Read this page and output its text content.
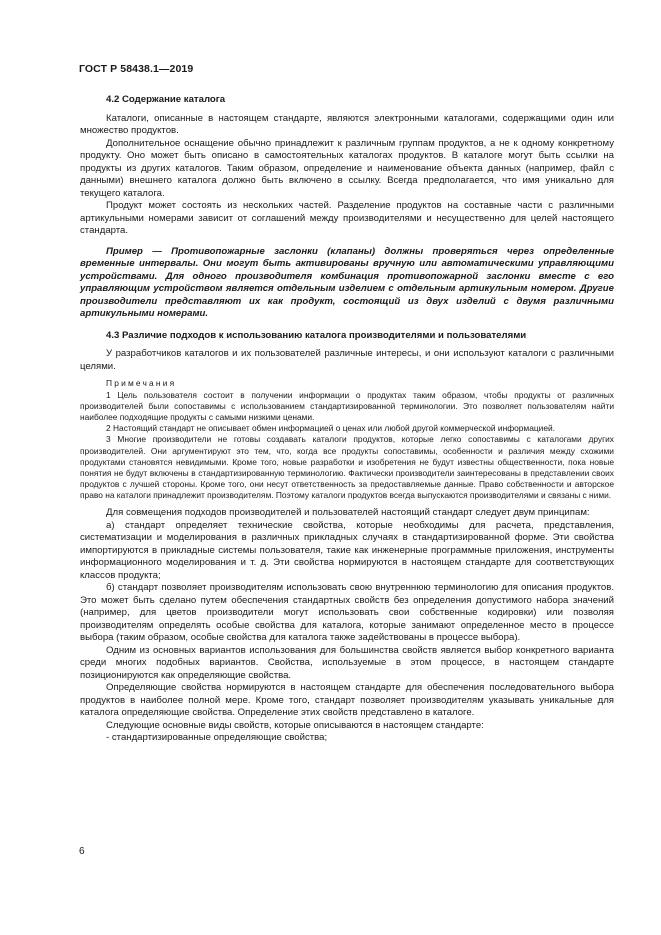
ГОСТ Р 58438.1—2019
4.2 Содержание каталога

Каталоги, описанные в настоящем стандарте, являются электронными каталогами, содержащими один или множество продуктов.

Дополнительное оснащение обычно принадлежит к различным группам продуктов, а не к одному конкретному продукту. Оно может быть описано в самостоятельных каталогах продуктов. В каталоге могут быть ссылки на продукты из других каталогов. Таким образом, определение и наименование объекта данных (например, файл с данными) внешнего каталога должно быть включено в ссылку. Всегда предполагается, что имя уникально для текущего каталога.

Продукт может состоять из нескольких частей. Разделение продуктов на составные части с различными артикульными номерами зависит от соглашений между производителями и несущественно для целей настоящего стандарта.

Пример — Противопожарные заслонки (клапаны) должны проверяться через определенные временные интервалы. Они могут быть активированы вручную или автоматическими управляющими устройствами. Для одного производителя комбинация противопожарной заслонки вместе с его управляющим устройством является отдельным изделием с отдельным артикульным номером. Другие производители представляют их как продукт, состоящий из двух изделий с двумя различными артикульными номерами.

4.3 Различие подходов к использованию каталога производителями и пользователями

У разработчиков каталогов и их пользователей различные интересы, и они используют каталоги с различными целями.

Примечания

1 Цель пользователя состоит в получении информации о продуктах таким образом, чтобы продукты от различных производителей были сопоставимы с использованием стандартизированной терминологии. Это позволяет пользователям найти наиболее подходящие продукты с самыми низкими ценами.

2 Настоящий стандарт не описывает обмен информацией о ценах или любой другой коммерческой информацией.

3 Многие производители не готовы создавать каталоги продуктов, которые легко сопоставимы с каталогами других производителей. Они аргументируют это тем, что, когда все продукты сопоставимы, особенности и различия между схожими продуктами становятся невидимыми. Кроме того, новые разработки и изобретения не будут известны общественности, пока новые понятия не будут включены в стандартизированную терминологию. Фактически производители заинтересованы в представлении своих продуктов с лучшей стороны. Кроме того, они несут ответственность за предоставляемые данные. Право собственности и авторское право на каталоги принадлежит производителям. Поэтому каталоги продуктов всегда выпускаются производителями и связаны с ними.

Для совмещения подходов производителей и пользователей настоящий стандарт следует двум принципам:

а) стандарт определяет технические свойства, которые необходимы для расчета, представления, систематизации и моделирования в различных прикладных случаях в стандартизированной форме. Эти свойства импортируются в прикладные системы пользователя, такие как инженерные программные приложения, инструменты информационного моделирования и т. д. Эти свойства нормируются в настоящем стандарте для соответствующих классов продукта;

б) стандарт позволяет производителям использовать свою внутреннюю терминологию для описания продуктов. Это может быть сделано путем обеспечения стандартных свойств без определения допустимого набора значений (например, для цветов производители могут использовать свои собственные кодировки) или позволяя производителям определять особые свойства для каталога, которые занимают определенное место в процессе выбора (таким образом, особые свойства для каталога также задействованы в процессе выбора).

Одним из основных вариантов использования для большинства свойств является выбор конкретного варианта среди многих подобных вариантов. Свойства, используемые в этом процессе, в настоящем стандарте позиционируются как определяющие свойства.

Определяющие свойства нормируются в настоящем стандарте для обеспечения последовательного выбора продуктов в наиболее полной мере. Кроме того, стандарт позволяет производителям указывать уникальные для каталога определяющие свойства. Определение этих свойств представлено в каталоге.

Следующие основные виды свойств, которые описываются в настоящем стандарте:

- стандартизированные определяющие свойства;

6
